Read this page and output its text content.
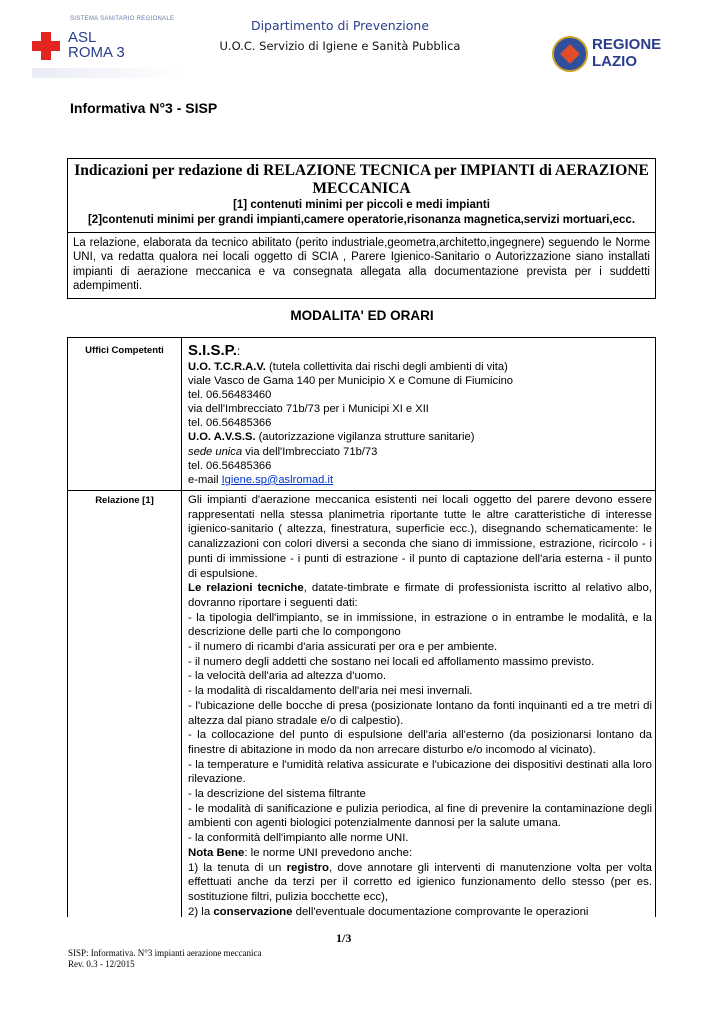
SISTEMA SANITARIO REGIONALE
ASL
ROMA 3
Dipartimento di Prevenzione
U.O.C. Servizio di Igiene e Sanità Pubblica	REGIONE
LAZIO
Informativa N°3 - SISP
Indicazioni per redazione di RELAZIONE TECNICA per IMPIANTI di AERAZIONE MECCANICA
[1] contenuti minimi per piccoli e medi impianti
[2]contenuti minimi per grandi impianti,camere operatorie,risonanza magnetica,servizi mortuari,ecc.
La relazione, elaborata da tecnico abilitato (perito industriale,geometra,architetto,ingegnere) seguendo le Norme UNI, va redatta qualora nei locali oggetto di SCIA , Parere Igienico-Sanitario o Autorizzazione siano installati impianti di aerazione meccanica e va consegnata allegata alla documentazione prevista per i suddetti adempimenti.
MODALITA' ED ORARI
Uffici Competenti
Relazione [1]
S.I.S.P.:
U.O. T.C.R.A.V. (tutela collettivita dai rischi degli ambienti di vita)
viale Vasco de Gama 140 per Municipio X e Comune di Fiumicino
tel. 06.56483460
via dell'Imbrecciato 71b/73 per i Municipi XI e XII
tel. 06.56485366
U.O. A.V.S.S. (autorizzazione vigilanza strutture sanitarie)
sede unica via dell'Imbrecciato 71b/73
tel. 06.56485366
e-mail Igiene.sp@aslromad.it

Gli impianti d'aerazione meccanica esistenti nei locali oggetto del parere devono essere rappresentati nella stessa planimetria riportante tutte le altre caratteristiche di interesse igienico-sanitario ( altezza, finestratura, superficie ecc.), disegnando schematicamente: le canalizzazioni con colori diversi a seconda che siano di immissione, estrazione, ricircolo - i punti di immissione - i punti di estrazione - il punto di captazione dell'aria esterna - il punto di espulsione.

Le relazioni tecniche, datate-timbrate e firmate di professionista iscritto al relativo albo, dovranno riportare i seguenti dati:

- la tipologia dell'impianto, se in immissione, in estrazione o in entrambe le modalità, e la descrizione delle parti che lo compongono

- il numero di ricambi d'aria assicurati per ora e per ambiente.

- il numero degli addetti che sostano nei locali ed affollamento massimo previsto.

- la velocità dell'aria ad altezza d'uomo.

- la modalità di riscaldamento dell'aria nei mesi invernali.

- l'ubicazione delle bocche di presa (posizionate lontano da fonti inquinanti ed a tre metri di altezza dal piano stradale e/o di calpestio).

- la collocazione del punto di espulsione dell'aria all'esterno (da posizionarsi lontano da finestre di abitazione in modo da non arrecare disturbo e/o incomodo al vicinato).

- la temperature e l'umidità relativa assicurate e l'ubicazione dei dispositivi destinati alla loro rilevazione.

- la descrizione del sistema filtrante

- le modalità di sanificazione e pulizia periodica, al fine di prevenire la contaminazione degli ambienti con agenti biologici potenzialmente dannosi per la salute umana.

- la conformità dell'impianto alle norme UNI.

Nota Bene: le norme UNI prevedono anche:

1) la tenuta di un registro, dove annotare gli interventi di manutenzione volta per volta effettuati anche da terzi per il corretto ed igienico funzionamento dello stesso (per es. sostituzione filtri, pulizia bocchette ecc),

2) la conservazione dell'eventuale documentazione comprovante le operazioni

1/3
SISP: Informativa. N°3 impianti aerazione meccanica
Rev. 0.3 - 12/2015
